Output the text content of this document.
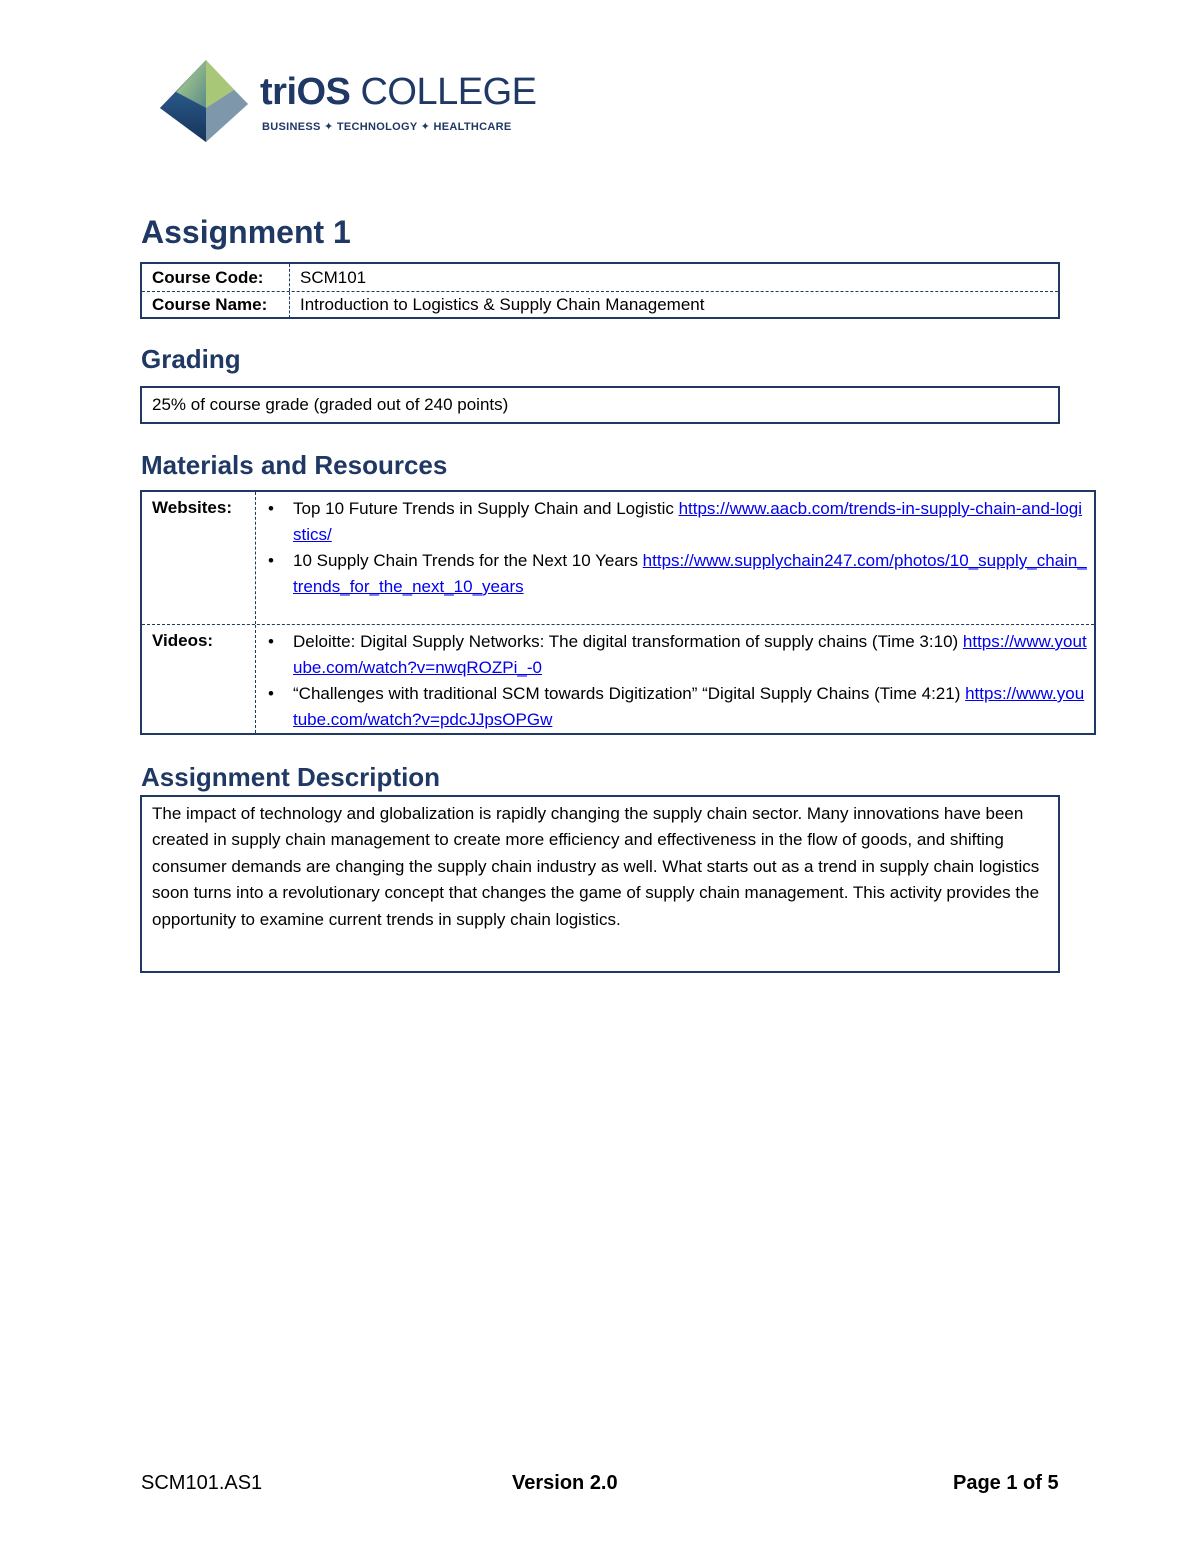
triOS COLLEGE
BUSINESS ✦ TECHNOLOGY ✦ HEALTHCARE
Assignment 1
Course Code:	SCM101
Course Name:	Introduction to Logistics & Supply Chain Management
Grading
25% of course grade (graded out of 240 points)
Materials and Resources
Websites:	•	Top 10 Future Trends in Supply Chain and Logistic https://www.aacb.com/trends-in-supply-chain-and-logistics/
•	10 Supply Chain Trends for the Next 10 Years https://www.supplychain247.com/photos/10_supply_chain_trends_for_the_next_10_years
Videos:	•	Deloitte: Digital Supply Networks: The digital transformation of supply chains (Time 3:10) https://www.youtube.com/watch?v=nwqROZPi_-0
•	“Challenges with traditional SCM towards Digitization” “Digital Supply Chains (Time 4:21) https://www.youtube.com/watch?v=pdcJJpsOPGw
Assignment Description

The impact of technology and globalization is rapidly changing the supply chain sector. Many innovations have been created in supply chain management to create more efficiency and effectiveness in the flow of goods, and shifting consumer demands are changing the supply chain industry as well. What starts out as a trend in supply chain logistics soon turns into a revolutionary concept that changes the game of supply chain management. This activity provides the opportunity to examine current trends in supply chain logistics.

SCM101.AS1	Version 2.0	Page 1 of 5
